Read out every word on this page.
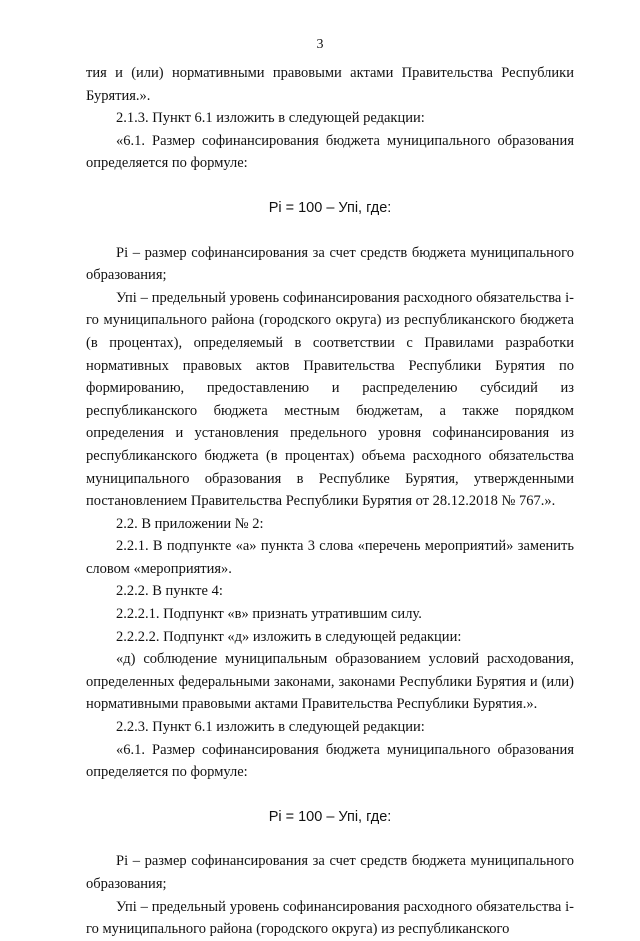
3

тия и (или) нормативными правовыми актами Правительства Республики Бурятия.».

2.1.3. Пункт 6.1 изложить в следующей редакции:

«6.1. Размер софинансирования бюджета муниципального образования определяется по формуле:

Pi = 100 – Упi, где:

Pi – размер софинансирования за счет средств бюджета муниципального образования;

Упi – предельный уровень софинансирования расходного обязательства i-го муниципального района (городского округа) из республиканского бюджета (в процентах), определяемый в соответствии с Правилами разработки нормативных правовых актов Правительства Республики Бурятия по формированию, предоставлению и распределению субсидий из республиканского бюджета местным бюджетам, а также порядком определения и установления предельного уровня софинансирования из республиканского бюджета (в процентах) объема расходного обязательства муниципального образования в Республике Бурятия, утвержденными постановлением Правительства Республики Бурятия от 28.12.2018 № 767.».

2.2. В приложении № 2:

2.2.1. В подпункте «а» пункта 3 слова «перечень мероприятий» заменить словом «мероприятия».

2.2.2. В пункте 4:

2.2.2.1. Подпункт «в» признать утратившим силу.

2.2.2.2. Подпункт «д» изложить в следующей редакции:

«д) соблюдение муниципальным образованием условий расходования, определенных федеральными законами, законами Республики Бурятия и (или) нормативными правовыми актами Правительства Республики Бурятия.».

2.2.3. Пункт 6.1 изложить в следующей редакции:

«6.1. Размер софинансирования бюджета муниципального образования определяется по формуле:

Pi = 100 – Упi, где:

Pi – размер софинансирования за счет средств бюджета муниципального образования;

Упi – предельный уровень софинансирования расходного обязательства i-го муниципального района (городского округа) из республиканского
